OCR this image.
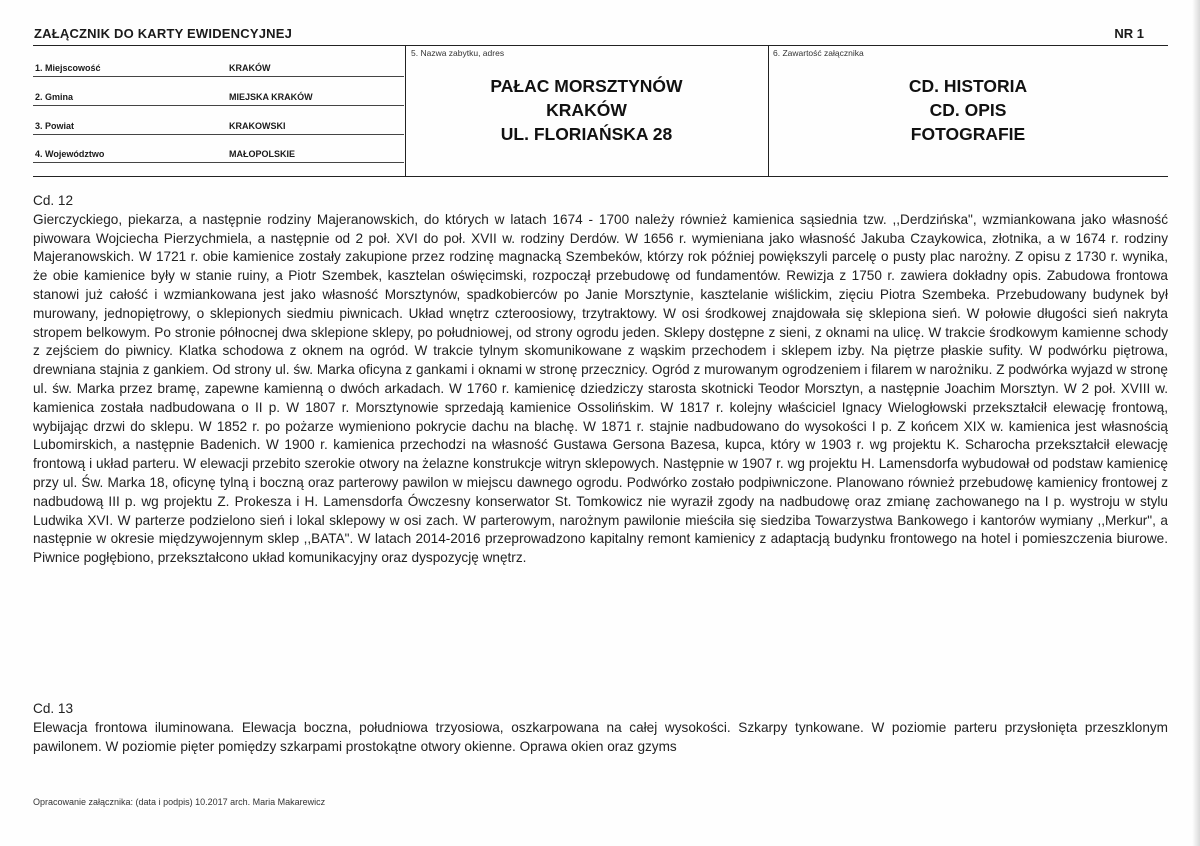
ZAŁĄCZNIK DO KARTY EWIDENCYJNEJ	NR 1
1. Miejscowość	KRAKÓW
2. Gmina	MIEJSKA KRAKÓW
3. Powiat	KRAKOWSKI
4. Województwo	MAŁOPOLSKIE
5. Nazwa zabytku, adres
PAŁAC MORSZTYNÓW
KRAKÓW
UL. FLORIAŃSKA 28
6. Zawartość załącznika
CD. HISTORIA
CD. OPIS
FOTOGRAFIE

Cd. 12

Gierczyckiego, piekarza, a następnie rodziny Majeranowskich, do których w latach 1674 - 1700 należy również kamienica sąsiednia tzw. ,,Derdzińska", wzmiankowana jako własność piwowara Wojciecha Pierzychmiela, a następnie od 2 poł. XVI do poł. XVII w. rodziny Derdów. W 1656 r. wymieniana jako własność Jakuba Czaykowica, złotnika, a w 1674 r. rodziny Majeranowskich. W 1721 r. obie kamienice zostały zakupione przez rodzinę magnacką Szembeków, którzy rok później powiększyli parcelę o pusty plac narożny. Z opisu z 1730 r. wynika, że obie kamienice były w stanie ruiny, a Piotr Szembek, kasztelan oświęcimski, rozpoczął przebudowę od fundamentów. Rewizja z 1750 r. zawiera dokładny opis. Zabudowa frontowa stanowi już całość i wzmiankowana jest jako własność Morsztynów, spadkobierców po Janie Morsztynie, kasztelanie wiślickim, zięciu Piotra Szembeka. Przebudowany budynek był murowany, jednopiętrowy, o sklepionych siedmiu piwnicach. Układ wnętrz czteroosiowy, trzytraktowy. W osi środkowej znajdowała się sklepiona sień. W połowie długości sień nakryta stropem belkowym. Po stronie północnej dwa sklepione sklepy, po południowej, od strony ogrodu jeden. Sklepy dostępne z sieni, z oknami na ulicę. W trakcie środkowym kamienne schody z zejściem do piwnicy. Klatka schodowa z oknem na ogród. W trakcie tylnym skomunikowane z wąskim przechodem i sklepem izby. Na piętrze płaskie sufity. W podwórku piętrowa, drewniana stajnia z gankiem. Od strony ul. św. Marka oficyna z gankami i oknami w stronę przecznicy. Ogród z murowanym ogrodzeniem i filarem w narożniku. Z podwórka wyjazd w stronę ul. św. Marka przez bramę, zapewne kamienną o dwóch arkadach. W 1760 r. kamienicę dziedziczy starosta skotnicki Teodor Morsztyn, a następnie Joachim Morsztyn. W 2 poł. XVIII w. kamienica została nadbudowana o II p. W 1807 r. Morsztynowie sprzedają kamienice Ossolińskim. W 1817 r. kolejny właściciel Ignacy Wielogłowski przekształcił elewację frontową, wybijając drzwi do sklepu. W 1852 r. po pożarze wymieniono pokrycie dachu na blachę. W 1871 r. stajnie nadbudowano do wysokości I p. Z końcem XIX w. kamienica jest własnością Lubomirskich, a następnie Badenich. W 1900 r. kamienica przechodzi na własność Gustawa Gersona Bazesa, kupca, który w 1903 r. wg projektu K. Scharocha przekształcił elewację frontową i układ parteru. W elewacji przebito szerokie otwory na żelazne konstrukcje witryn sklepowych. Następnie w 1907 r. wg projektu H. Lamensdorfa wybudował od podstaw kamienicę przy ul. Św. Marka 18, oficynę tylną i boczną oraz parterowy pawilon w miejscu dawnego ogrodu. Podwórko zostało podpiwniczone. Planowano również przebudowę kamienicy frontowej z nadbudową III p. wg projektu Z. Prokesza i H. Lamensdorfa Ówczesny konserwator St. Tomkowicz nie wyraził zgody na nadbudowę oraz zmianę zachowanego na I p. wystroju w stylu Ludwika XVI. W parterze podzielono sień i lokal sklepowy w osi zach. W parterowym, narożnym pawilonie mieściła się siedziba Towarzystwa Bankowego i kantorów wymiany ,,Merkur", a następnie w okresie międzywojennym sklep ,,BATA". W latach 2014-2016 przeprowadzono kapitalny remont kamienicy z adaptacją budynku frontowego na hotel i pomieszczenia biurowe. Piwnice pogłębiono, przekształcono układ komunikacyjny oraz dyspozycję wnętrz.

Cd. 13

Elewacja frontowa iluminowana. Elewacja boczna, południowa trzyosiowa, oszkarpowana na całej wysokości. Szkarpy tynkowane. W poziomie parteru przysłonięta przeszklonym pawilonem. W poziomie pięter pomiędzy szkarpami prostokątne otwory okienne. Oprawa okien oraz gzyms

Opracowanie załącznika: (data i podpis) 10.2017 arch. Maria Makarewicz
